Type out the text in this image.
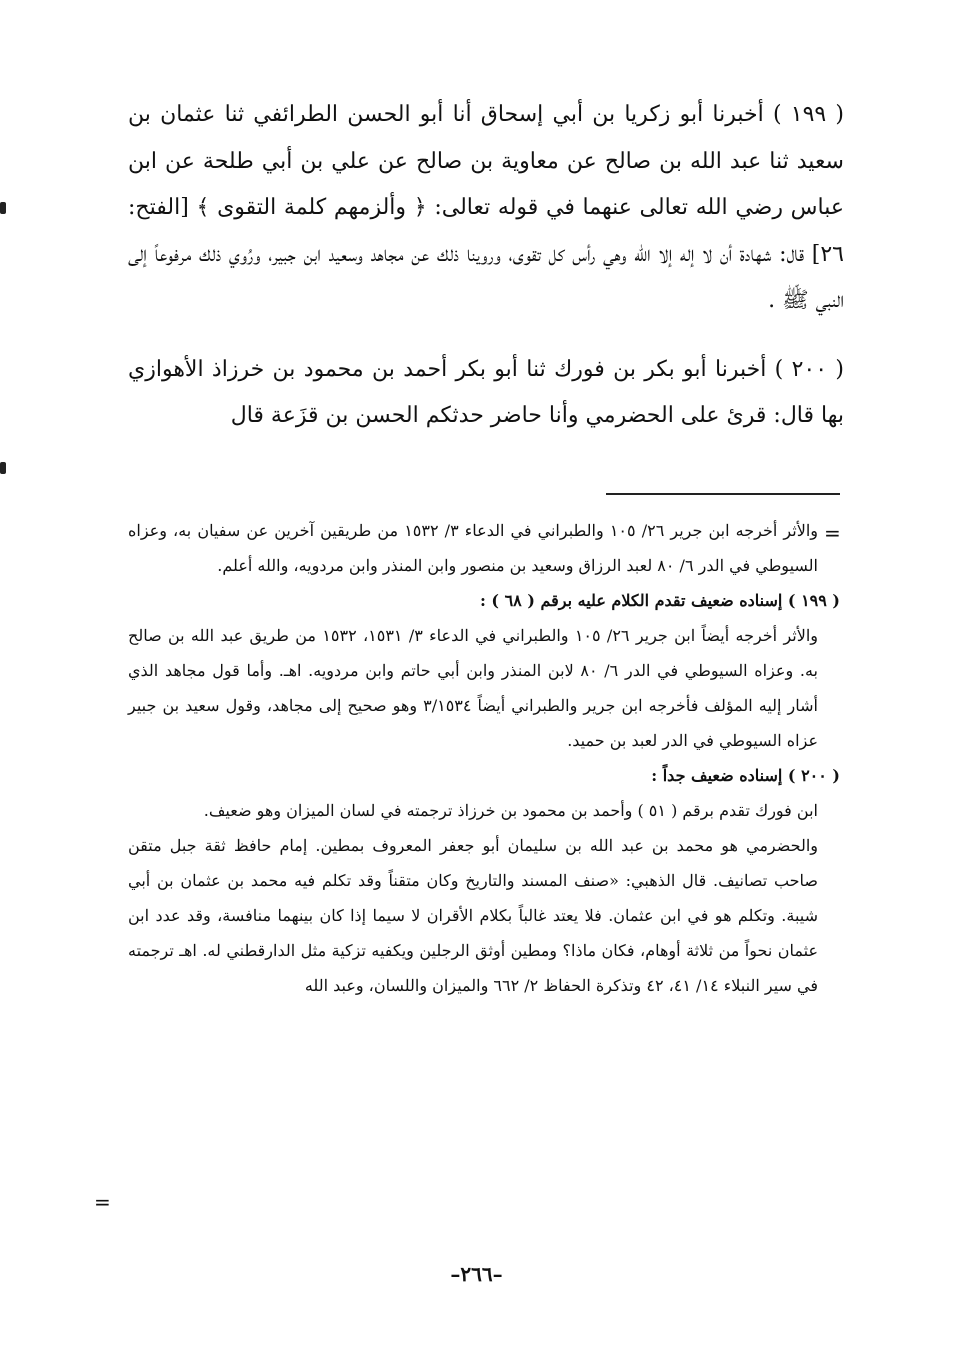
( ١٩٩ ) أخبرنا أبو زكريا بن أبي إسحاق أنا أبو الحسن الطرائفي ثنا عثمان بن سعيد ثنا عبد الله بن صالح عن معاوية بن صالح عن علي بن أبي طلحة عن ابن عباس رضي الله تعالى عنهما في قوله تعالى: ﴿ وألزمهم كلمة التقوى ﴾ [الفتح: ٢٦] قال: شهادة أن لا إله إلا الله وهي رأس كل تقوى، وروينا ذلك عن مجاهد وسعيد ابن جبير، ورُوي ذلك مرفوعاً إلى النبي ﷺ .

( ٢٠٠ ) أخبرنا أبو بكر بن فورك ثنا أبو بكر أحمد بن محمود بن خرزاذ الأهوازي بها قال: قرئ على الحضرمي وأنا حاضر حدثكم الحسن بن قزَعة قال

=

والأثر أخرجه ابن جرير ٢٦/ ١٠٥ والطبراني في الدعاء ٣/ ١٥٣٢ من طريقين آخرين عن سفيان به، وعزاه السيوطي في الدر ٦/ ٨٠ لعبد الرزاق وسعيد بن منصور وابن المنذر وابن مردويه، والله أعلم.

( ١٩٩ ) إسناده ضعيف تقدم الكلام عليه برقم ( ٦٨ ) :

والأثر أخرجه أيضاً ابن جرير ٢٦/ ١٠٥ والطبراني في الدعاء ٣/ ١٥٣١، ١٥٣٢ من طريق عبد الله بن صالح به. وعزاه السيوطي في الدر ٦/ ٨٠ لابن المنذر وابن أبي حاتم وابن مردويه. اهـ. وأما قول مجاهد الذي أشار إليه المؤلف فأخرجه ابن جرير والطبراني أيضاً ٣/١٥٣٤ وهو صحيح إلى مجاهد، وقول سعيد بن جبير عزاه السيوطي في الدر لعبد بن حميد.

( ٢٠٠ ) إسناده ضعيف جداً :

ابن فورك تقدم برقم ( ٥١ ) وأحمد بن محمود بن خرزاذ ترجمته في لسان الميزان وهو ضعيف.

والحضرمي هو محمد بن عبد الله بن سليمان أبو جعفر المعروف بمطين. إمام حافظ ثقة جبل متقن صاحب تصانيف. قال الذهبي: «صنف المسند والتاريخ وكان متقناً وقد تكلم فيه محمد بن عثمان بن أبي شيبة. وتكلم هو في ابن عثمان. فلا يعتد غالباً بكلام الأقران لا سيما إذا كان بينهما منافسة، وقد عدد ابن عثمان نحواً من ثلاثة أوهام، فكان ماذا؟ ومطين أوثق الرجلين ويكفيه تزكية مثل الدارقطني له. اهـ ترجمته في سير النبلاء ١٤/ ٤١، ٤٢ وتذكرة الحفاظ ٢/ ٦٦٢ والميزان واللسان، وعبد الله

=
–٢٦٦–
